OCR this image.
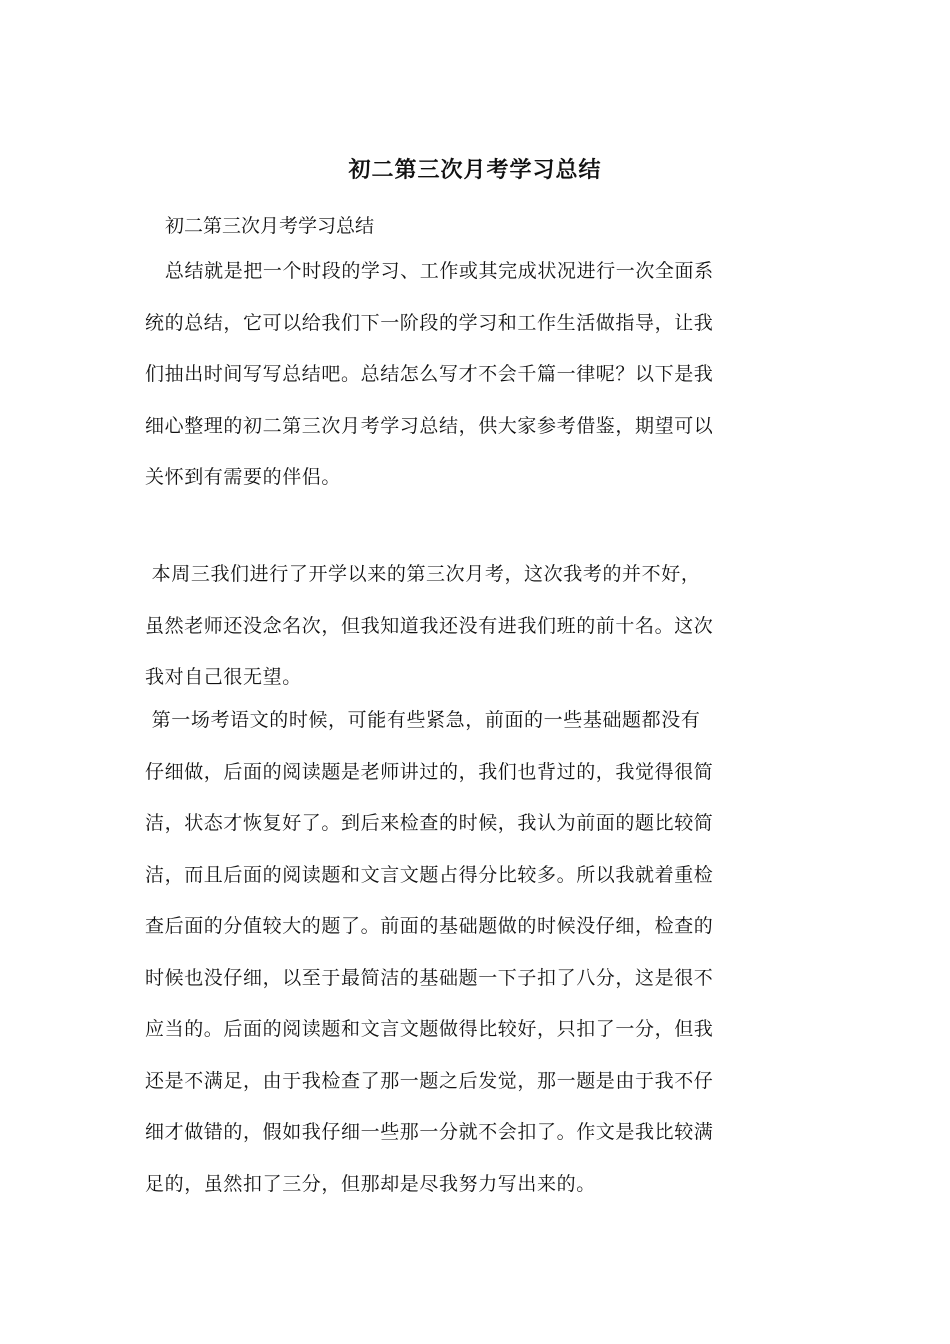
初二第三次月考学习总结
初二第三次月考学习总结
总结就是把一个时段的学习、工作或其完成状况进行一次全面系
统的总结，它可以给我们下一阶段的学习和工作生活做指导，让我
们抽出时间写写总结吧。总结怎么写才不会千篇一律呢？以下是我
细心整理的初二第三次月考学习总结，供大家参考借鉴，期望可以
关怀到有需要的伴侣。
本周三我们进行了开学以来的第三次月考，这次我考的并不好，
虽然老师还没念名次，但我知道我还没有进我们班的前十名。这次
我对自己很无望。
第一场考语文的时候，可能有些紧急，前面的一些基础题都没有
仔细做，后面的阅读题是老师讲过的，我们也背过的，我觉得很简
洁，状态才恢复好了。到后来检查的时候，我认为前面的题比较简
洁，而且后面的阅读题和文言文题占得分比较多。所以我就着重检
查后面的分值较大的题了。前面的基础题做的时候没仔细，检查的
时候也没仔细，以至于最简洁的基础题一下子扣了八分，这是很不
应当的。后面的阅读题和文言文题做得比较好，只扣了一分，但我
还是不满足，由于我检查了那一题之后发觉，那一题是由于我不仔
细才做错的，假如我仔细一些那一分就不会扣了。作文是我比较满
足的，虽然扣了三分，但那却是尽我努力写出来的。
